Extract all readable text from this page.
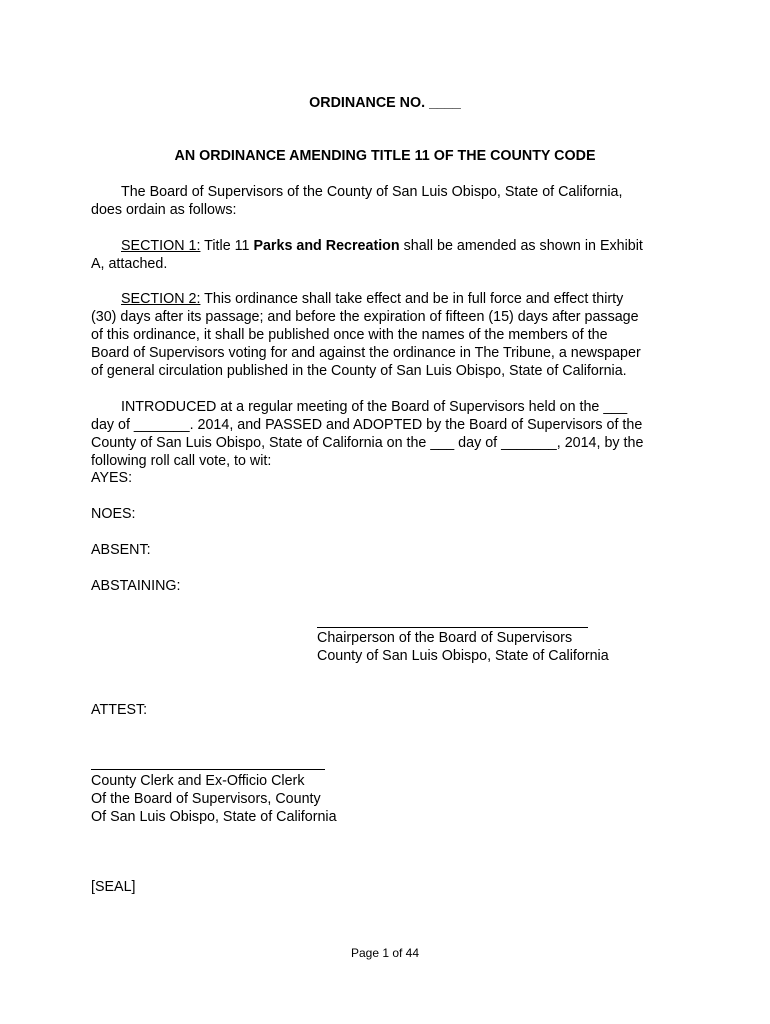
ORDINANCE NO. ____
AN ORDINANCE AMENDING TITLE 11 OF THE COUNTY CODE
The Board of Supervisors of the County of San Luis Obispo, State of California,
does ordain as follows:
SECTION 1: Title 11 Parks and Recreation shall be amended as shown in Exhibit
A, attached.
SECTION 2: This ordinance shall take effect and be in full force and effect thirty
(30) days after its passage; and before the expiration of fifteen (15) days after passage
of this ordinance, it shall be published once with the names of the members of the
Board of Supervisors voting for and against the ordinance in The Tribune, a newspaper
of general circulation published in the County of San Luis Obispo, State of California.
INTRODUCED at a regular meeting of the Board of Supervisors held on the ___
day of _______. 2014, and PASSED and ADOPTED by the Board of Supervisors of the
County of San Luis Obispo, State of California on the ___ day of _______, 2014, by the
following roll call vote, to wit:
AYES:
NOES:
ABSENT:
ABSTAINING:
Chairperson of the Board of Supervisors
County of San Luis Obispo, State of California
ATTEST:
County Clerk and Ex-Officio Clerk
Of the Board of Supervisors, County
Of San Luis Obispo, State of California
[SEAL]
Page 1 of 44
